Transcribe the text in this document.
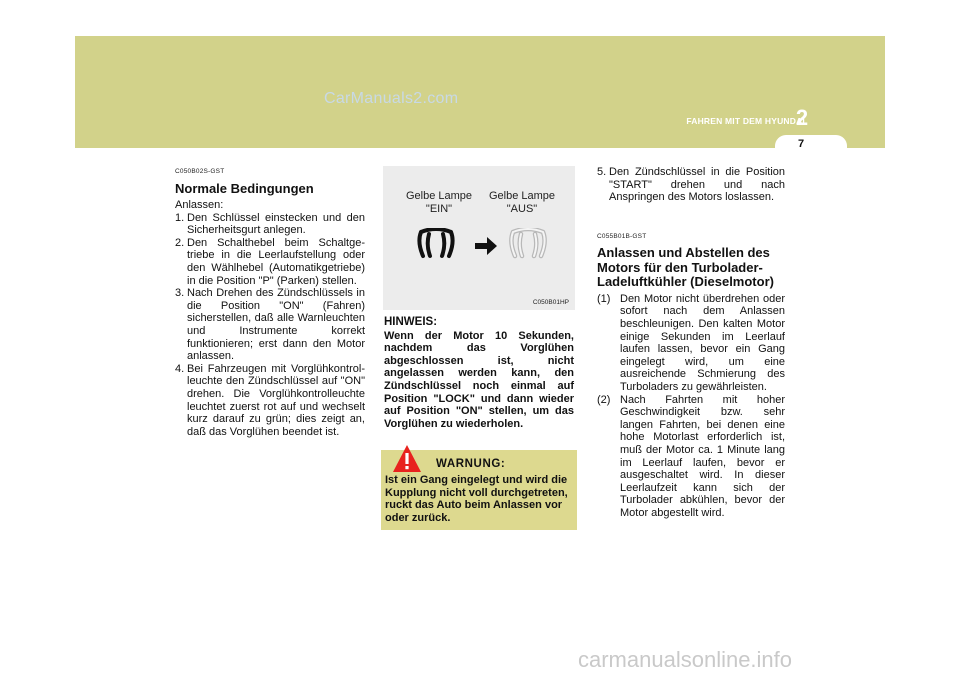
CarManuals2.com
FAHREN MIT DEM HYUNDAI
2
7
C050B02S-GST
Normale Bedingungen
Anlassen:
1. Den Schlüssel einstecken und den Sicherheitsgurt anlegen.
2. Den Schalthebel beim Schaltge-triebe in die Leerlaufstellung oder den Wählhebel (Automatikgetriebe) in die Position "P" (Parken) stellen.
3. Nach Drehen des Zündschlüssels in die Position "ON" (Fahren) sicherstellen, daß alle Warnleuchten und Instrumente korrekt funktionieren; erst dann den Motor anlassen.
4. Bei Fahrzeugen mit Vorglühkontrol-leuchte den Zündschlüssel auf "ON" drehen. Die Vorglühkontrolleuchte leuchtet zuerst rot auf und wechselt kurz darauf zu grün; dies zeigt an, daß das Vorglühen beendet ist.
Gelbe Lampe "EIN"
Gelbe Lampe "AUS"
C050B01HP
HINWEIS:
Wenn der Motor 10 Sekunden, nachdem das Vorglühen abgeschlossen ist, nicht angelassen werden kann, den Zündschlüssel noch einmal auf Position "LOCK" und dann wieder auf Position "ON" stellen, um das Vorglühen zu wiederholen.
WARNUNG:
Ist ein Gang eingelegt und wird die Kupplung nicht voll durchgetreten, ruckt das Auto beim Anlassen vor oder zurück.
5. Den Zündschlüssel in die Position "START" drehen und nach Anspringen des Motors loslassen.
C055B01B-GST
Anlassen und Abstellen des Motors für den Turbolader-Ladeluftkühler (Dieselmotor)
(1) Den Motor nicht überdrehen oder sofort nach dem Anlassen beschleunigen. Den kalten Motor einige Sekunden im Leerlauf laufen lassen, bevor ein Gang eingelegt wird, um eine ausreichende Schmierung des Turboladers zu gewährleisten.
(2) Nach Fahrten mit hoher Geschwindigkeit bzw. sehr langen Fahrten, bei denen eine hohe Motorlast erforderlich ist, muß der Motor ca. 1 Minute lang im Leerlauf laufen, bevor er ausgeschaltet wird. In dieser Leerlaufzeit kann sich der Turbolader abkühlen, bevor der Motor abgestellt wird.
carmanualsonline.info
